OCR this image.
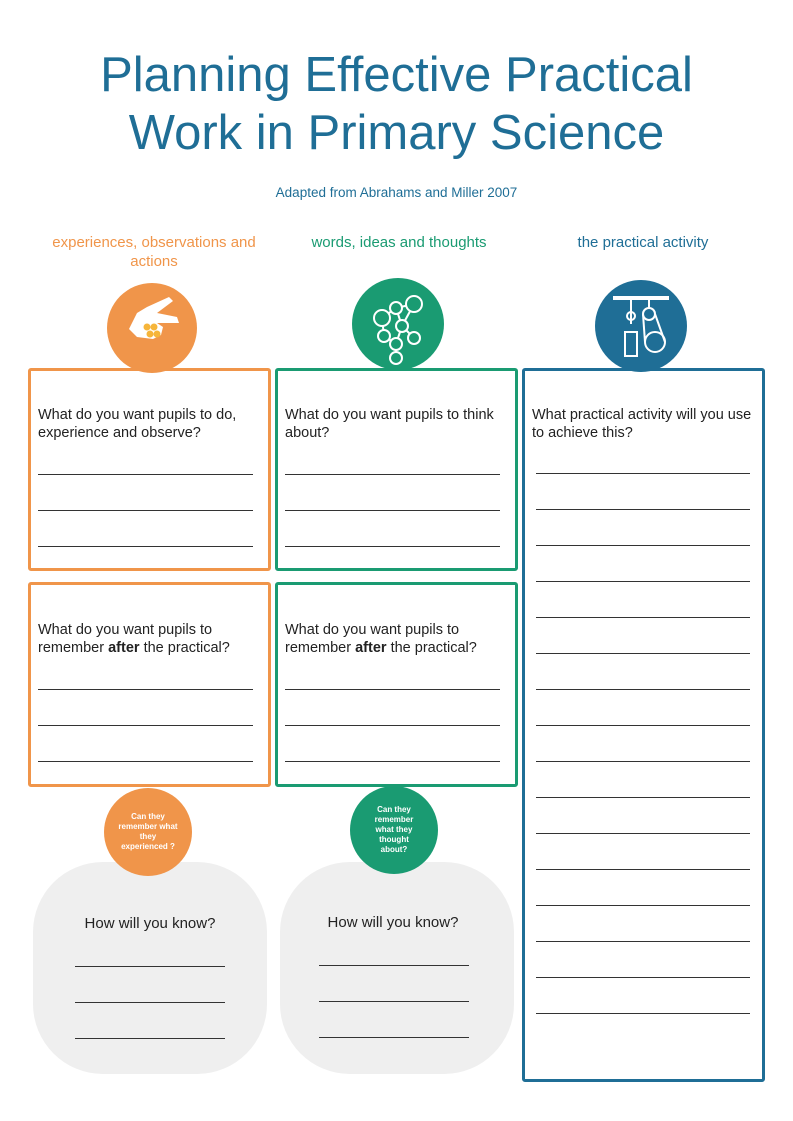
Planning Effective Practical
Work in Primary Science
Adapted from Abrahams and Miller 2007
experiences, observations and actions
words, ideas and thoughts	the practical activity
What do you want pupils to do, experience and observe?
What do you want pupils to think about?
What do you want pupils to remember after the practical?
What do you want pupils to remember after the practical?
What practical activity will you use to achieve this?
Can they remember what they experienced ?
Can they remember what they thought about?
How will you know?	How will you know?
